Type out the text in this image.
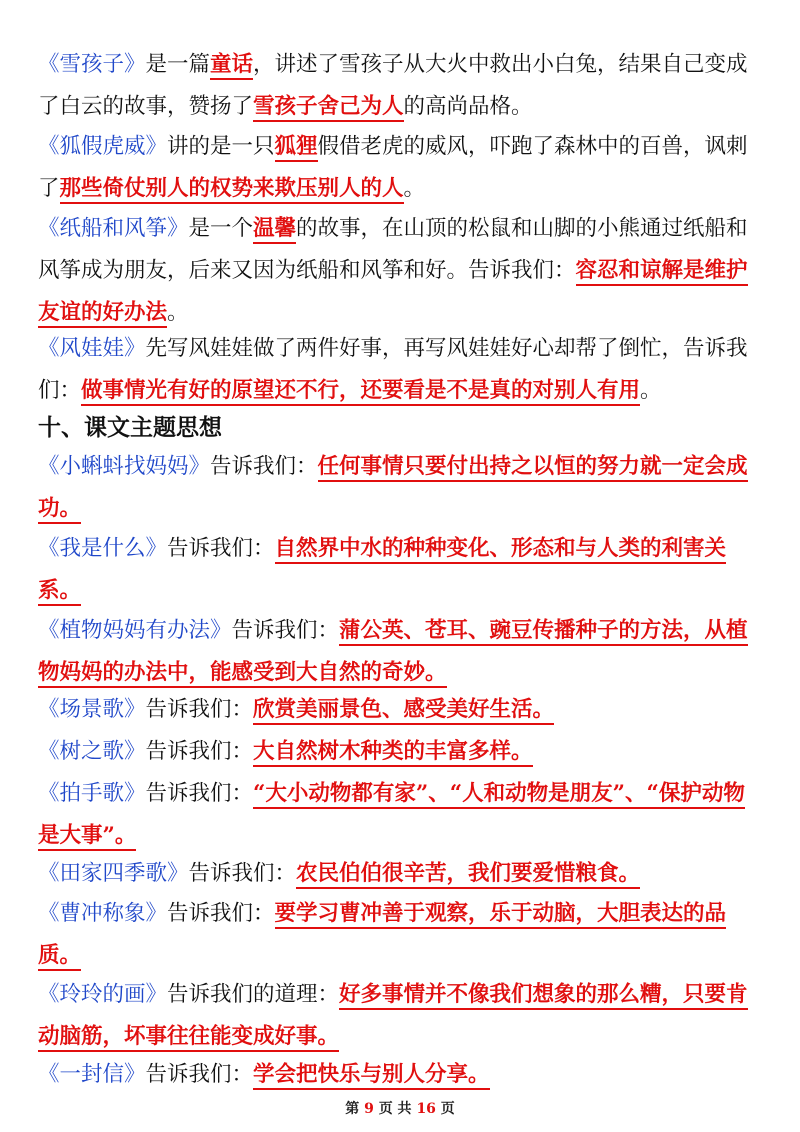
《雪孩子》是一篇童话，讲述了雪孩子从大火中救出小白兔，结果自己变成了白云的故事，赞扬了雪孩子舍己为人的高尚品格。

《狐假虎威》讲的是一只狐狸假借老虎的威风，吓跑了森林中的百兽，讽刺了那些倚仗别人的权势来欺压别人的人。

《纸船和风筝》是一个温馨的故事，在山顶的松鼠和山脚的小熊通过纸船和风筝成为朋友，后来又因为纸船和风筝和好。告诉我们：容忍和谅解是维护友谊的好办法。

《风娃娃》先写风娃娃做了两件好事，再写风娃娃好心却帮了倒忙，告诉我们：做事情光有好的原望还不行，还要看是不是真的对别人有用。

十、课文主题思想

《小蝌蚪找妈妈》告诉我们：任何事情只要付出持之以恒的努力就一定会成功。

《我是什么》告诉我们：自然界中水的种种变化、形态和与人类的利害关系。

《植物妈妈有办法》告诉我们：蒲公英、苍耳、豌豆传播种子的方法，从植物妈妈的办法中，能感受到大自然的奇妙。

《场景歌》告诉我们：欣赏美丽景色、感受美好生活。

《树之歌》告诉我们：大自然树木种类的丰富多样。

《拍手歌》告诉我们：“大小动物都有家”、“人和动物是朋友”、“保护动物是大事”。

《田家四季歌》告诉我们：农民伯伯很辛苦，我们要爱惜粮食。

《曹冲称象》告诉我们：要学习曹冲善于观察，乐于动脑，大胆表达的品质。

《玲玲的画》告诉我们的道理：好多事情并不像我们想象的那么糟，只要肯动脑筋，坏事往往能变成好事。

《一封信》告诉我们：学会把快乐与别人分享。

第 9 页 共 16 页
